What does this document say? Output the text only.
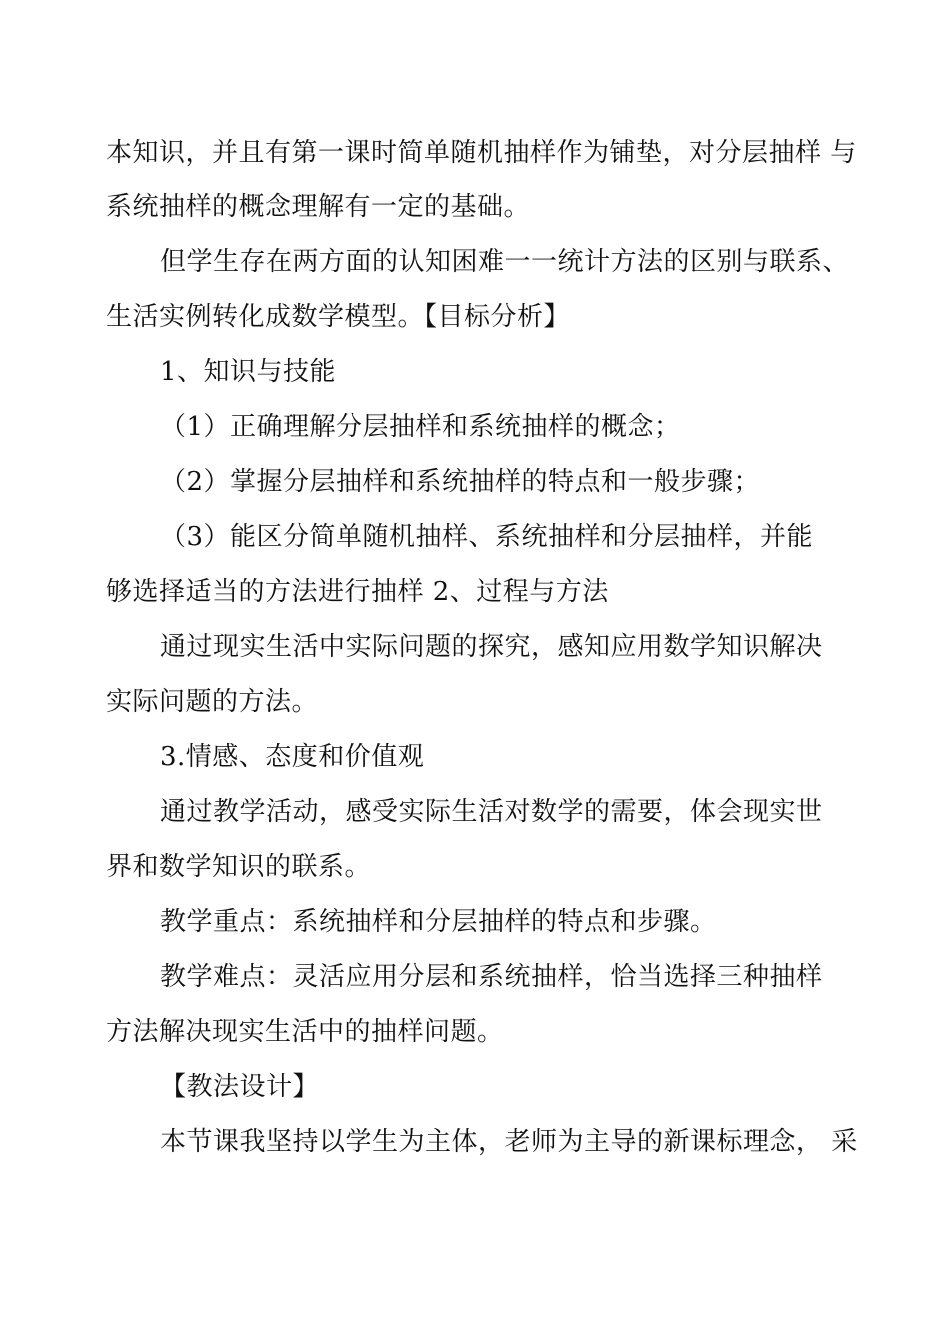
本知识，并且有第一课时简单随机抽样作为铺垫，对分层抽样 与
系统抽样的概念理解有一定的基础。
但学生存在两方面的认知困难一一统计方法的区别与联系、
生活实例转化成数学模型。【目标分析】
1、知识与技能
（1）正确理解分层抽样和系统抽样的概念；
（2）掌握分层抽样和系统抽样的特点和一般步骤；
（3）能区分简单随机抽样、系统抽样和分层抽样，并能
够选择适当的方法进行抽样 2、过程与方法
通过现实生活中实际问题的探究，感知应用数学知识解决
实际问题的方法。
3.情感、态度和价值观
通过教学活动，感受实际生活对数学的需要，体会现实世
界和数学知识的联系。
教学重点：系统抽样和分层抽样的特点和步骤。
教学难点：灵活应用分层和系统抽样，恰当选择三种抽样
方法解决现实生活中的抽样问题。
【教法设计】
本节课我坚持以学生为主体，老师为主导的新课标理念， 采
